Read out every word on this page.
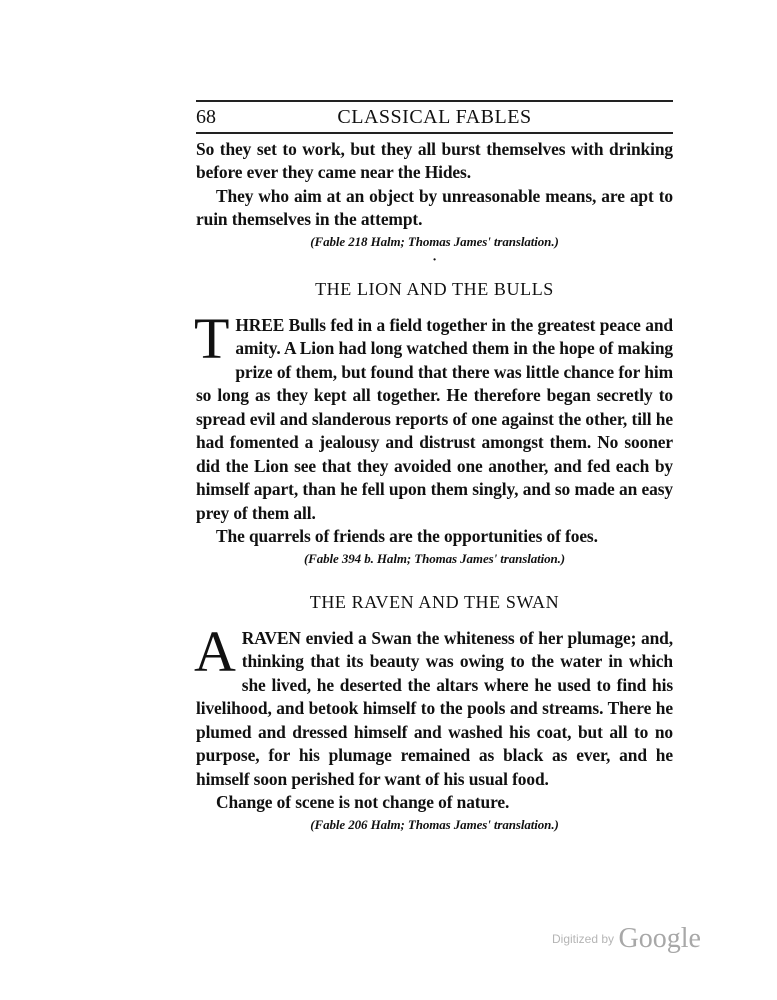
68	CLASSICAL FABLES

So they set to work, but they all burst themselves with drinking before ever they came near the Hides.

They who aim at an object by unreasonable means, are apt to ruin themselves in the attempt.

(Fable 218 Halm; Thomas James' translation.)

·
THE LION AND THE BULLS

THREE Bulls fed in a field together in the greatest peace and amity. A Lion had long watched them in the hope of making prize of them, but found that there was little chance for him so long as they kept all together. He therefore began secretly to spread evil and slanderous reports of one against the other, till he had fomented a jealousy and distrust amongst them. No sooner did the Lion see that they avoided one another, and fed each by himself apart, than he fell upon them singly, and so made an easy prey of them all.

The quarrels of friends are the opportunities of foes.

(Fable 394 b. Halm; Thomas James' translation.)

THE RAVEN AND THE SWAN

ARAVEN envied a Swan the whiteness of her plumage; and, thinking that its beauty was owing to the water in which she lived, he deserted the altars where he used to find his livelihood, and betook himself to the pools and streams. There he plumed and dressed himself and washed his coat, but all to no purpose, for his plumage remained as black as ever, and he himself soon perished for want of his usual food.

Change of scene is not change of nature.

(Fable 206 Halm; Thomas James' translation.)

$^{Digitized by}$ Google
